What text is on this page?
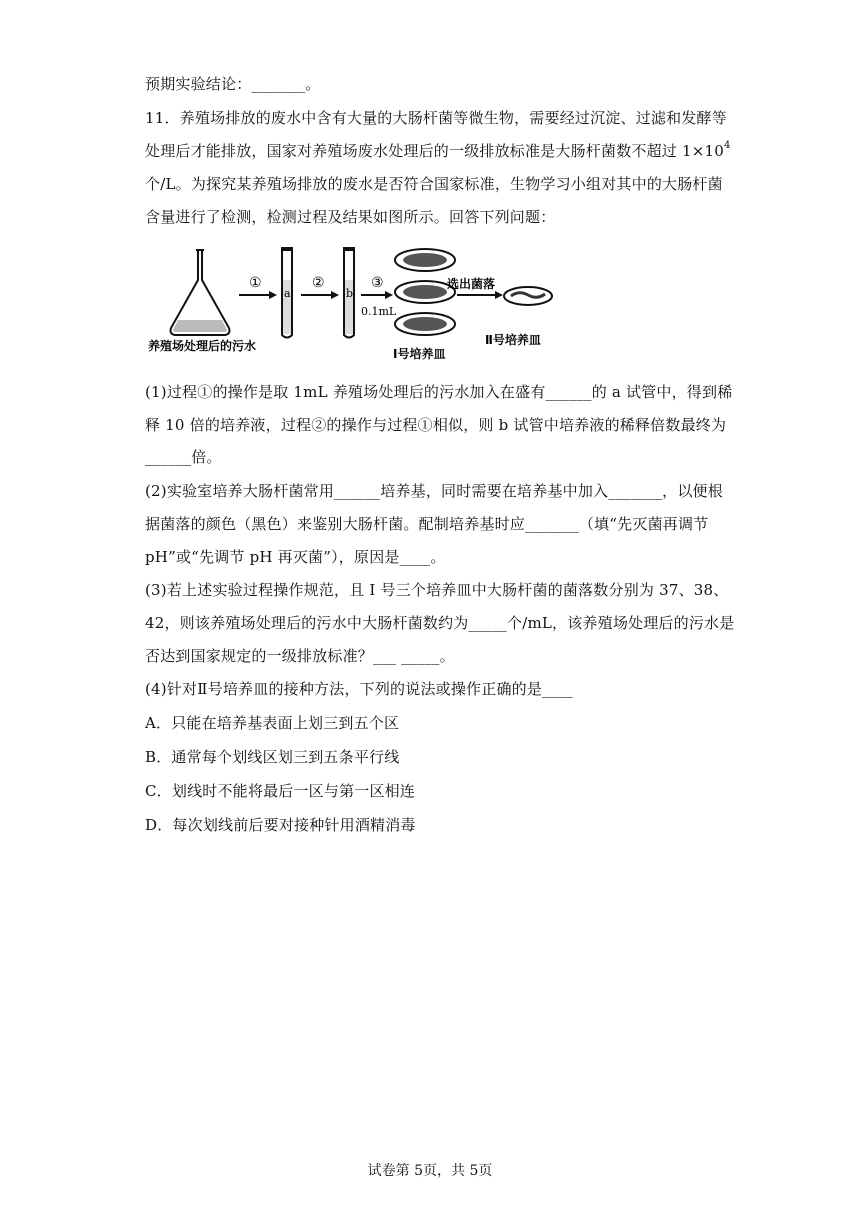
预期实验结论：_______。
11．养殖场排放的废水中含有大量的大肠杆菌等微生物，需要经过沉淀、过滤和发酵等
处理后才能排放，国家对养殖场废水处理后的一级排放标准是大肠杆菌数不超过 $1\times 10^4$
个/L。为探究某养殖场排放的废水是否符合国家标准，生物学习小组对其中的大肠杆菌
含量进行了检测，检测过程及结果如图所示。回答下列问题：
养殖场处理后的污水
①
a
②
b
③
0.1mL
Ⅰ号培养皿
选出菌落
Ⅱ号培养皿
(1)过程①的操作是取 1mL 养殖场处理后的污水加入在盛有______的 a 试管中，得到稀
释 10 倍的培养液，过程②的操作与过程①相似，则 b 试管中培养液的稀释倍数最终为
______倍。
(2)实验室培养大肠杆菌常用______培养基，同时需要在培养基中加入_______，以便根
据菌落的颜色（黑色）来鉴别大肠杆菌。配制培养基时应_______（填“先灭菌再调节
pH”或“先调节 pH 再灭菌”），原因是____。
(3)若上述实验过程操作规范，且 I 号三个培养皿中大肠杆菌的菌落数分别为 37、38、
42，则该养殖场处理后的污水中大肠杆菌数约为_____个/mL，该养殖场处理后的污水是
否达到国家规定的一级排放标准？___ _____。
(4)针对Ⅱ号培养皿的接种方法，下列的说法或操作正确的是____
A．只能在培养基表面上划三到五个区
B．通常每个划线区划三到五条平行线
C．划线时不能将最后一区与第一区相连
D．每次划线前后要对接种针用酒精消毒
试卷第 5页，共 5页
